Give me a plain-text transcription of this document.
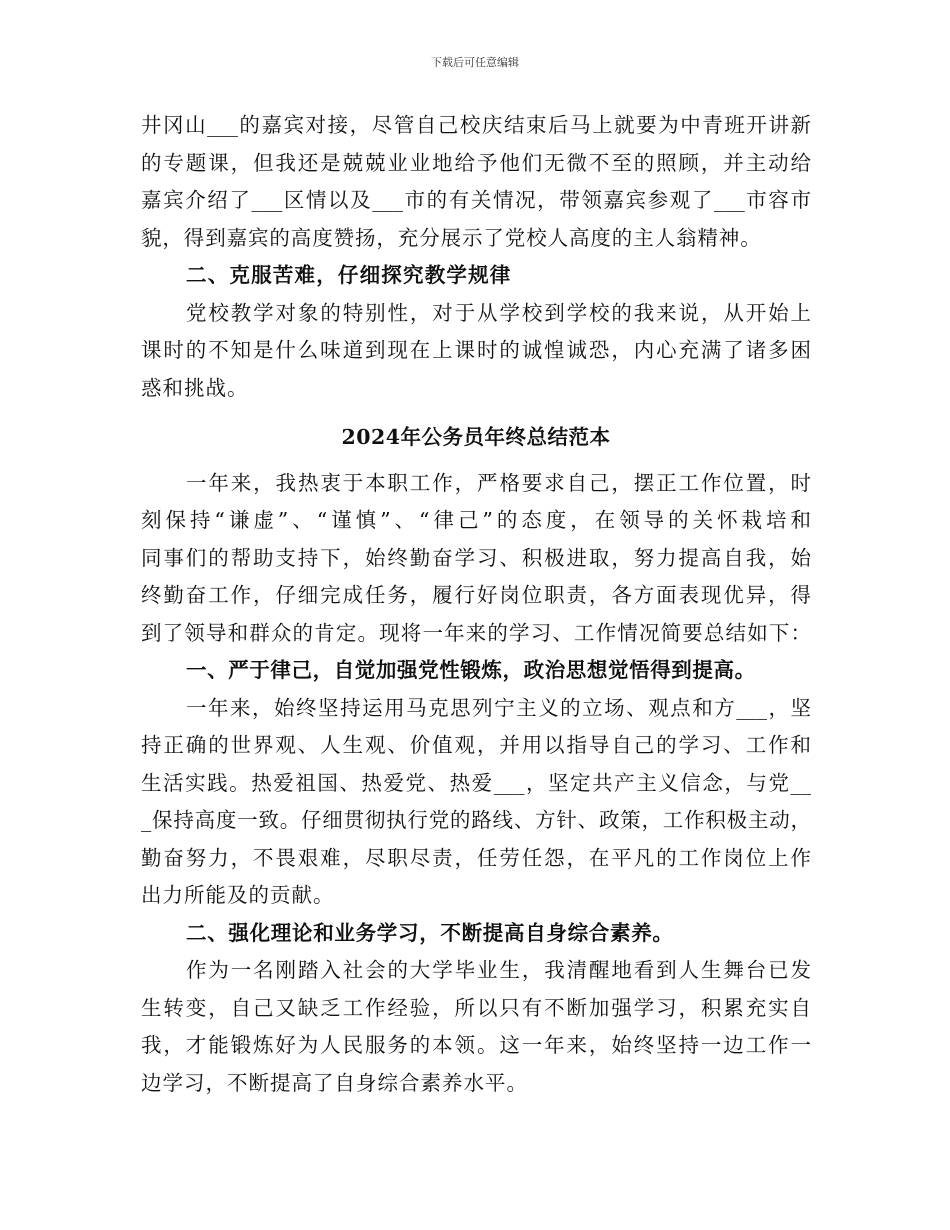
下载后可任意编辑
井冈山___的嘉宾对接，尽管自己校庆结束后马上就要为中青班开讲新
的专题课，但我还是兢兢业业地给予他们无微不至的照顾，并主动给
嘉宾介绍了___区情以及___市的有关情况，带领嘉宾参观了___市容市
貌，得到嘉宾的高度赞扬，充分展示了党校人高度的主人翁精神。
二、克服苦难，仔细探究教学规律
党校教学对象的特别性，对于从学校到学校的我来说，从开始上
课时的不知是什么味道到现在上课时的诚惶诚恐，内心充满了诸多困
惑和挑战。
2024年公务员年终总结范本
一年来，我热衷于本职工作，严格要求自己，摆正工作位置，时
刻保持“谦虚”、“谨慎”、“律己”的态度，在领导的关怀栽培和
同事们的帮助支持下，始终勤奋学习、积极进取，努力提高自我，始
终勤奋工作，仔细完成任务，履行好岗位职责，各方面表现优异，得
到了领导和群众的肯定。现将一年来的学习、工作情况简要总结如下：
一、严于律己，自觉加强党性锻炼，政治思想觉悟得到提高。
一年来，始终坚持运用马克思列宁主义的立场、观点和方___，坚
持正确的世界观、人生观、价值观，并用以指导自己的学习、工作和
生活实践。热爱祖国、热爱党、热爱___，坚定共产主义信念，与党__
_保持高度一致。仔细贯彻执行党的路线、方针、政策，工作积极主动，
勤奋努力，不畏艰难，尽职尽责，任劳任怨，在平凡的工作岗位上作
出力所能及的贡献。
二、强化理论和业务学习，不断提高自身综合素养。
作为一名刚踏入社会的大学毕业生，我清醒地看到人生舞台已发
生转变，自己又缺乏工作经验，所以只有不断加强学习，积累充实自
我，才能锻炼好为人民服务的本领。这一年来，始终坚持一边工作一
边学习，不断提高了自身综合素养水平。
